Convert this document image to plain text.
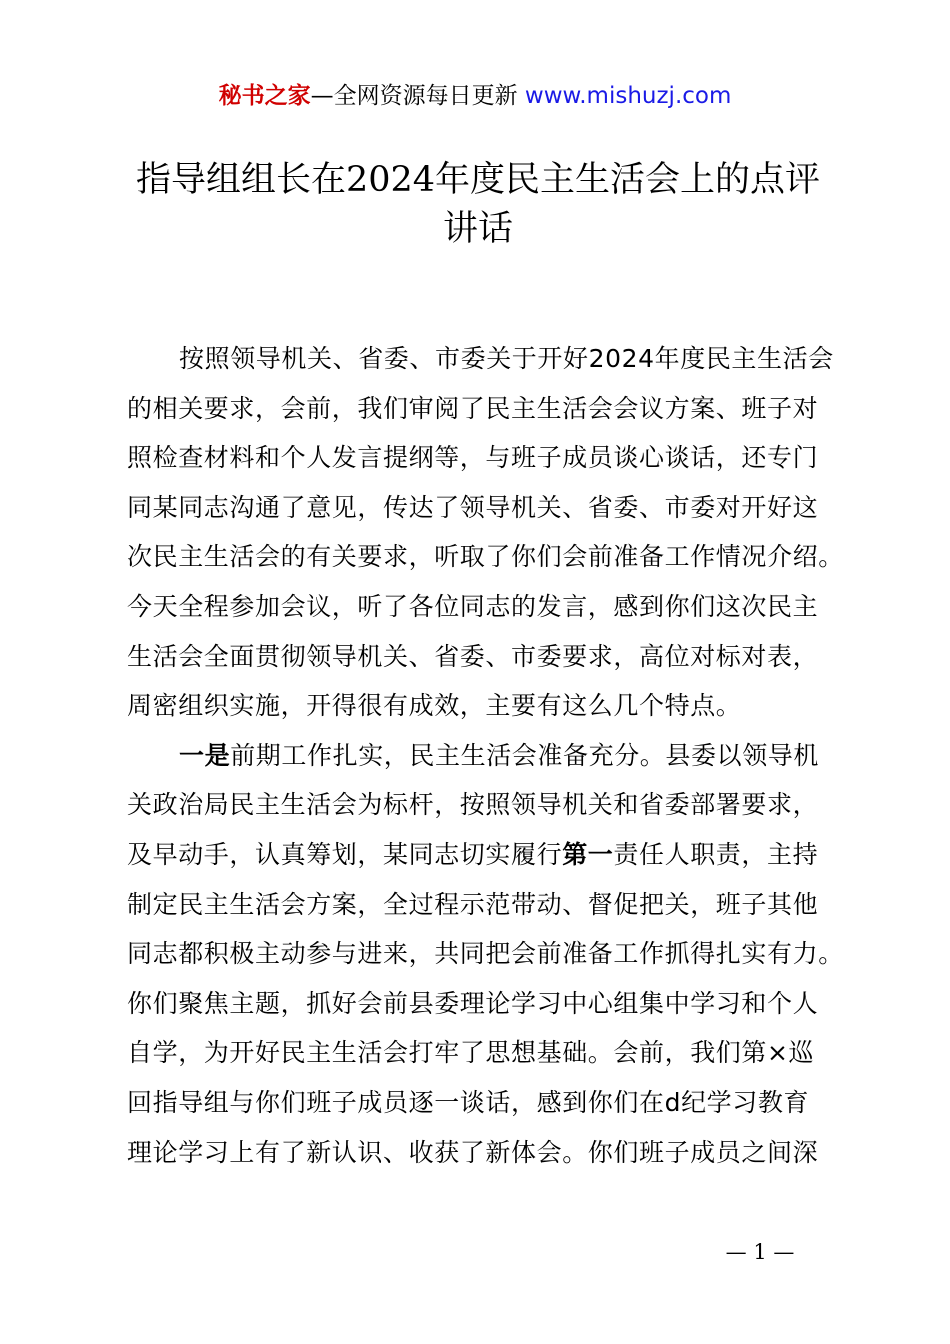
秘书之家—全网资源每日更新 www.mishuzj.com
指导组组长在2024年度民主生活会上的点评
讲话
按照领导机关、省委、市委关于开好2024年度民主生活会
的相关要求，会前，我们审阅了民主生活会会议方案、班子对
照检查材料和个人发言提纲等，与班子成员谈心谈话，还专门
同某同志沟通了意见，传达了领导机关、省委、市委对开好这
次民主生活会的有关要求，听取了你们会前准备工作情况介绍。
今天全程参加会议，听了各位同志的发言，感到你们这次民主
生活会全面贯彻领导机关、省委、市委要求，高位对标对表，
周密组织实施，开得很有成效，主要有这么几个特点。
一是前期工作扎实，民主生活会准备充分。县委以领导机
关政治局民主生活会为标杆，按照领导机关和省委部署要求，
及早动手，认真筹划，某同志切实履行第一责任人职责，主持
制定民主生活会方案，全过程示范带动、督促把关，班子其他
同志都积极主动参与进来，共同把会前准备工作抓得扎实有力。
你们聚焦主题，抓好会前县委理论学习中心组集中学习和个人
自学，为开好民主生活会打牢了思想基础。会前，我们第×巡
回指导组与你们班子成员逐一谈话，感到你们在d纪学习教育
理论学习上有了新认识、收获了新体会。你们班子成员之间深
— 1 —
